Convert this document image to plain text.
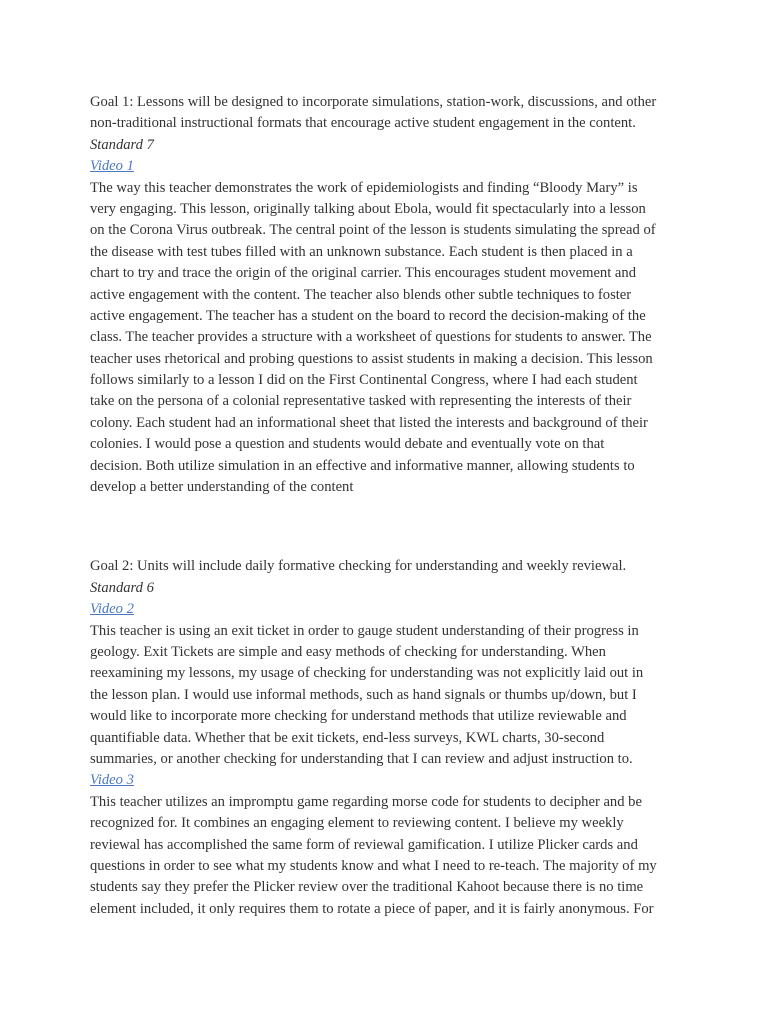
Goal 1: Lessons will be designed to incorporate simulations, station-work, discussions, and other
non-traditional instructional formats that encourage active student engagement in the content.
Standard 7
Video 1
The way this teacher demonstrates the work of epidemiologists and finding “Bloody Mary” is
very engaging. This lesson, originally talking about Ebola, would fit spectacularly into a lesson
on the Corona Virus outbreak. The central point of the lesson is students simulating the spread of
the disease with test tubes filled with an unknown substance. Each student is then placed in a
chart to try and trace the origin of the original carrier. This encourages student movement and
active engagement with the content. The teacher also blends other subtle techniques to foster
active engagement. The teacher has a student on the board to record the decision-making of the
class. The teacher provides a structure with a worksheet of questions for students to answer. The
teacher uses rhetorical and probing questions to assist students in making a decision. This lesson
follows similarly to a lesson I did on the First Continental Congress, where I had each student
take on the persona of a colonial representative tasked with representing the interests of their
colony. Each student had an informational sheet that listed the interests and background of their
colonies. I would pose a question and students would debate and eventually vote on that
decision. Both utilize simulation in an effective and informative manner, allowing students to
develop a better understanding of the content
Goal 2: Units will include daily formative checking for understanding and weekly reviewal.
Standard 6
Video 2
This teacher is using an exit ticket in order to gauge student understanding of their progress in
geology. Exit Tickets are simple and easy methods of checking for understanding. When
reexamining my lessons, my usage of checking for understanding was not explicitly laid out in
the lesson plan. I would use informal methods, such as hand signals or thumbs up/down, but I
would like to incorporate more checking for understand methods that utilize reviewable and
quantifiable data. Whether that be exit tickets, end-less surveys, KWL charts, 30-second
summaries, or another checking for understanding that I can review and adjust instruction to.
Video 3
This teacher utilizes an impromptu game regarding morse code for students to decipher and be
recognized for. It combines an engaging element to reviewing content. I believe my weekly
reviewal has accomplished the same form of reviewal gamification. I utilize Plicker cards and
questions in order to see what my students know and what I need to re-teach. The majority of my
students say they prefer the Plicker review over the traditional Kahoot because there is no time
element included, it only requires them to rotate a piece of paper, and it is fairly anonymous. For
